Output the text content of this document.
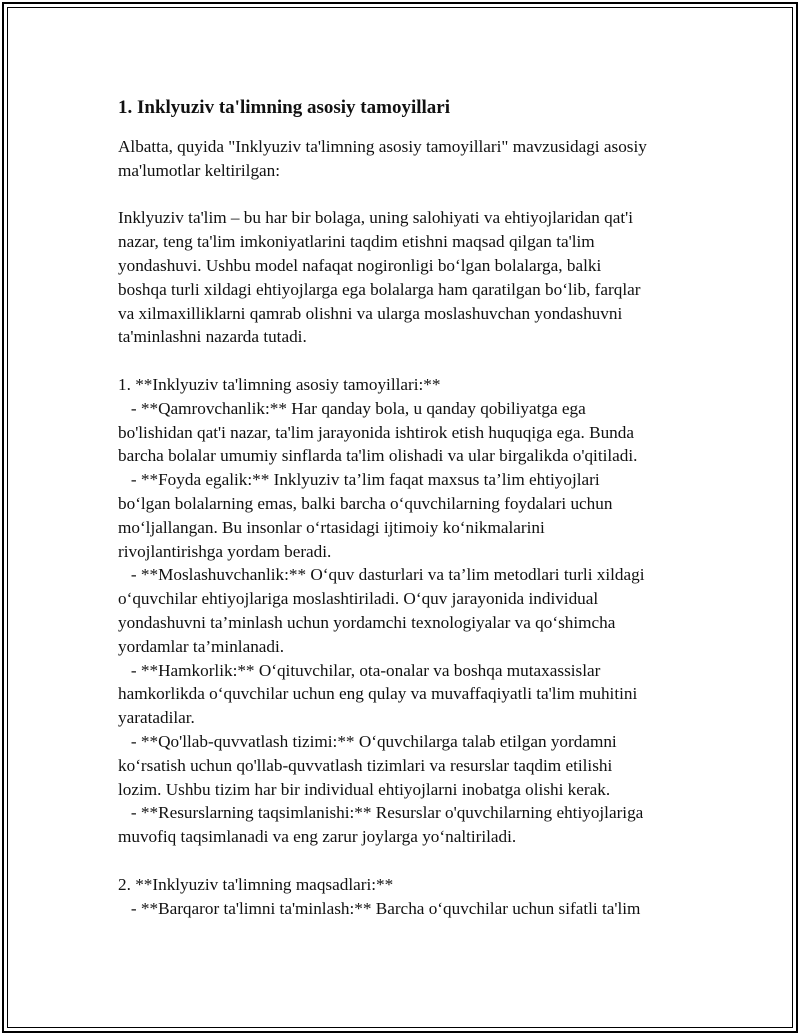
1. Inklyuziv ta'limning asosiy tamoyillari
Albatta, quyida "Inklyuziv ta'limning asosiy tamoyillari" mavzusidagi asosiy
ma'lumotlar keltirilgan:
Inklyuziv ta'lim – bu har bir bolaga, uning salohiyati va ehtiyojlaridan qat'i
nazar, teng ta'lim imkoniyatlarini taqdim etishni maqsad qilgan ta'lim
yondashuvi. Ushbu model nafaqat nogironligi bo‘lgan bolalarga, balki
boshqa turli xildagi ehtiyojlarga ega bolalarga ham qaratilgan bo‘lib, farqlar
va xilmaxilliklarni qamrab olishni va ularga moslashuvchan yondashuvni
ta'minlashni nazarda tutadi.
1. **Inklyuziv ta'limning asosiy tamoyillari:**
- **Qamrovchanlik:** Har qanday bola, u qanday qobiliyatga ega
bo'lishidan qat'i nazar, ta'lim jarayonida ishtirok etish huquqiga ega. Bunda
barcha bolalar umumiy sinflarda ta'lim olishadi va ular birgalikda o'qitiladi.
- **Foyda egalik:** Inklyuziv ta’lim faqat maxsus ta’lim ehtiyojlari
bo‘lgan bolalarning emas, balki barcha o‘quvchilarning foydalari uchun
mo‘ljallangan. Bu insonlar o‘rtasidagi ijtimoiy ko‘nikmalarini
rivojlantirishga yordam beradi.
- **Moslashuvchanlik:** O‘quv dasturlari va ta’lim metodlari turli xildagi
o‘quvchilar ehtiyojlariga moslashtiriladi. O‘quv jarayonida individual
yondashuvni ta’minlash uchun yordamchi texnologiyalar va qo‘shimcha
yordamlar ta’minlanadi.
- **Hamkorlik:** O‘qituvchilar, ota-onalar va boshqa mutaxassislar
hamkorlikda o‘quvchilar uchun eng qulay va muvaffaqiyatli ta'lim muhitini
yaratadilar.
- **Qo'llab-quvvatlash tizimi:** O‘quvchilarga talab etilgan yordamni
ko‘rsatish uchun qo'llab-quvvatlash tizimlari va resurslar taqdim etilishi
lozim. Ushbu tizim har bir individual ehtiyojlarni inobatga olishi kerak.
- **Resurslarning taqsimlanishi:** Resurslar o'quvchilarning ehtiyojlariga
muvofiq taqsimlanadi va eng zarur joylarga yo‘naltiriladi.
2. **Inklyuziv ta'limning maqsadlari:**
- **Barqaror ta'limni ta'minlash:** Barcha o‘quvchilar uchun sifatli ta'lim
